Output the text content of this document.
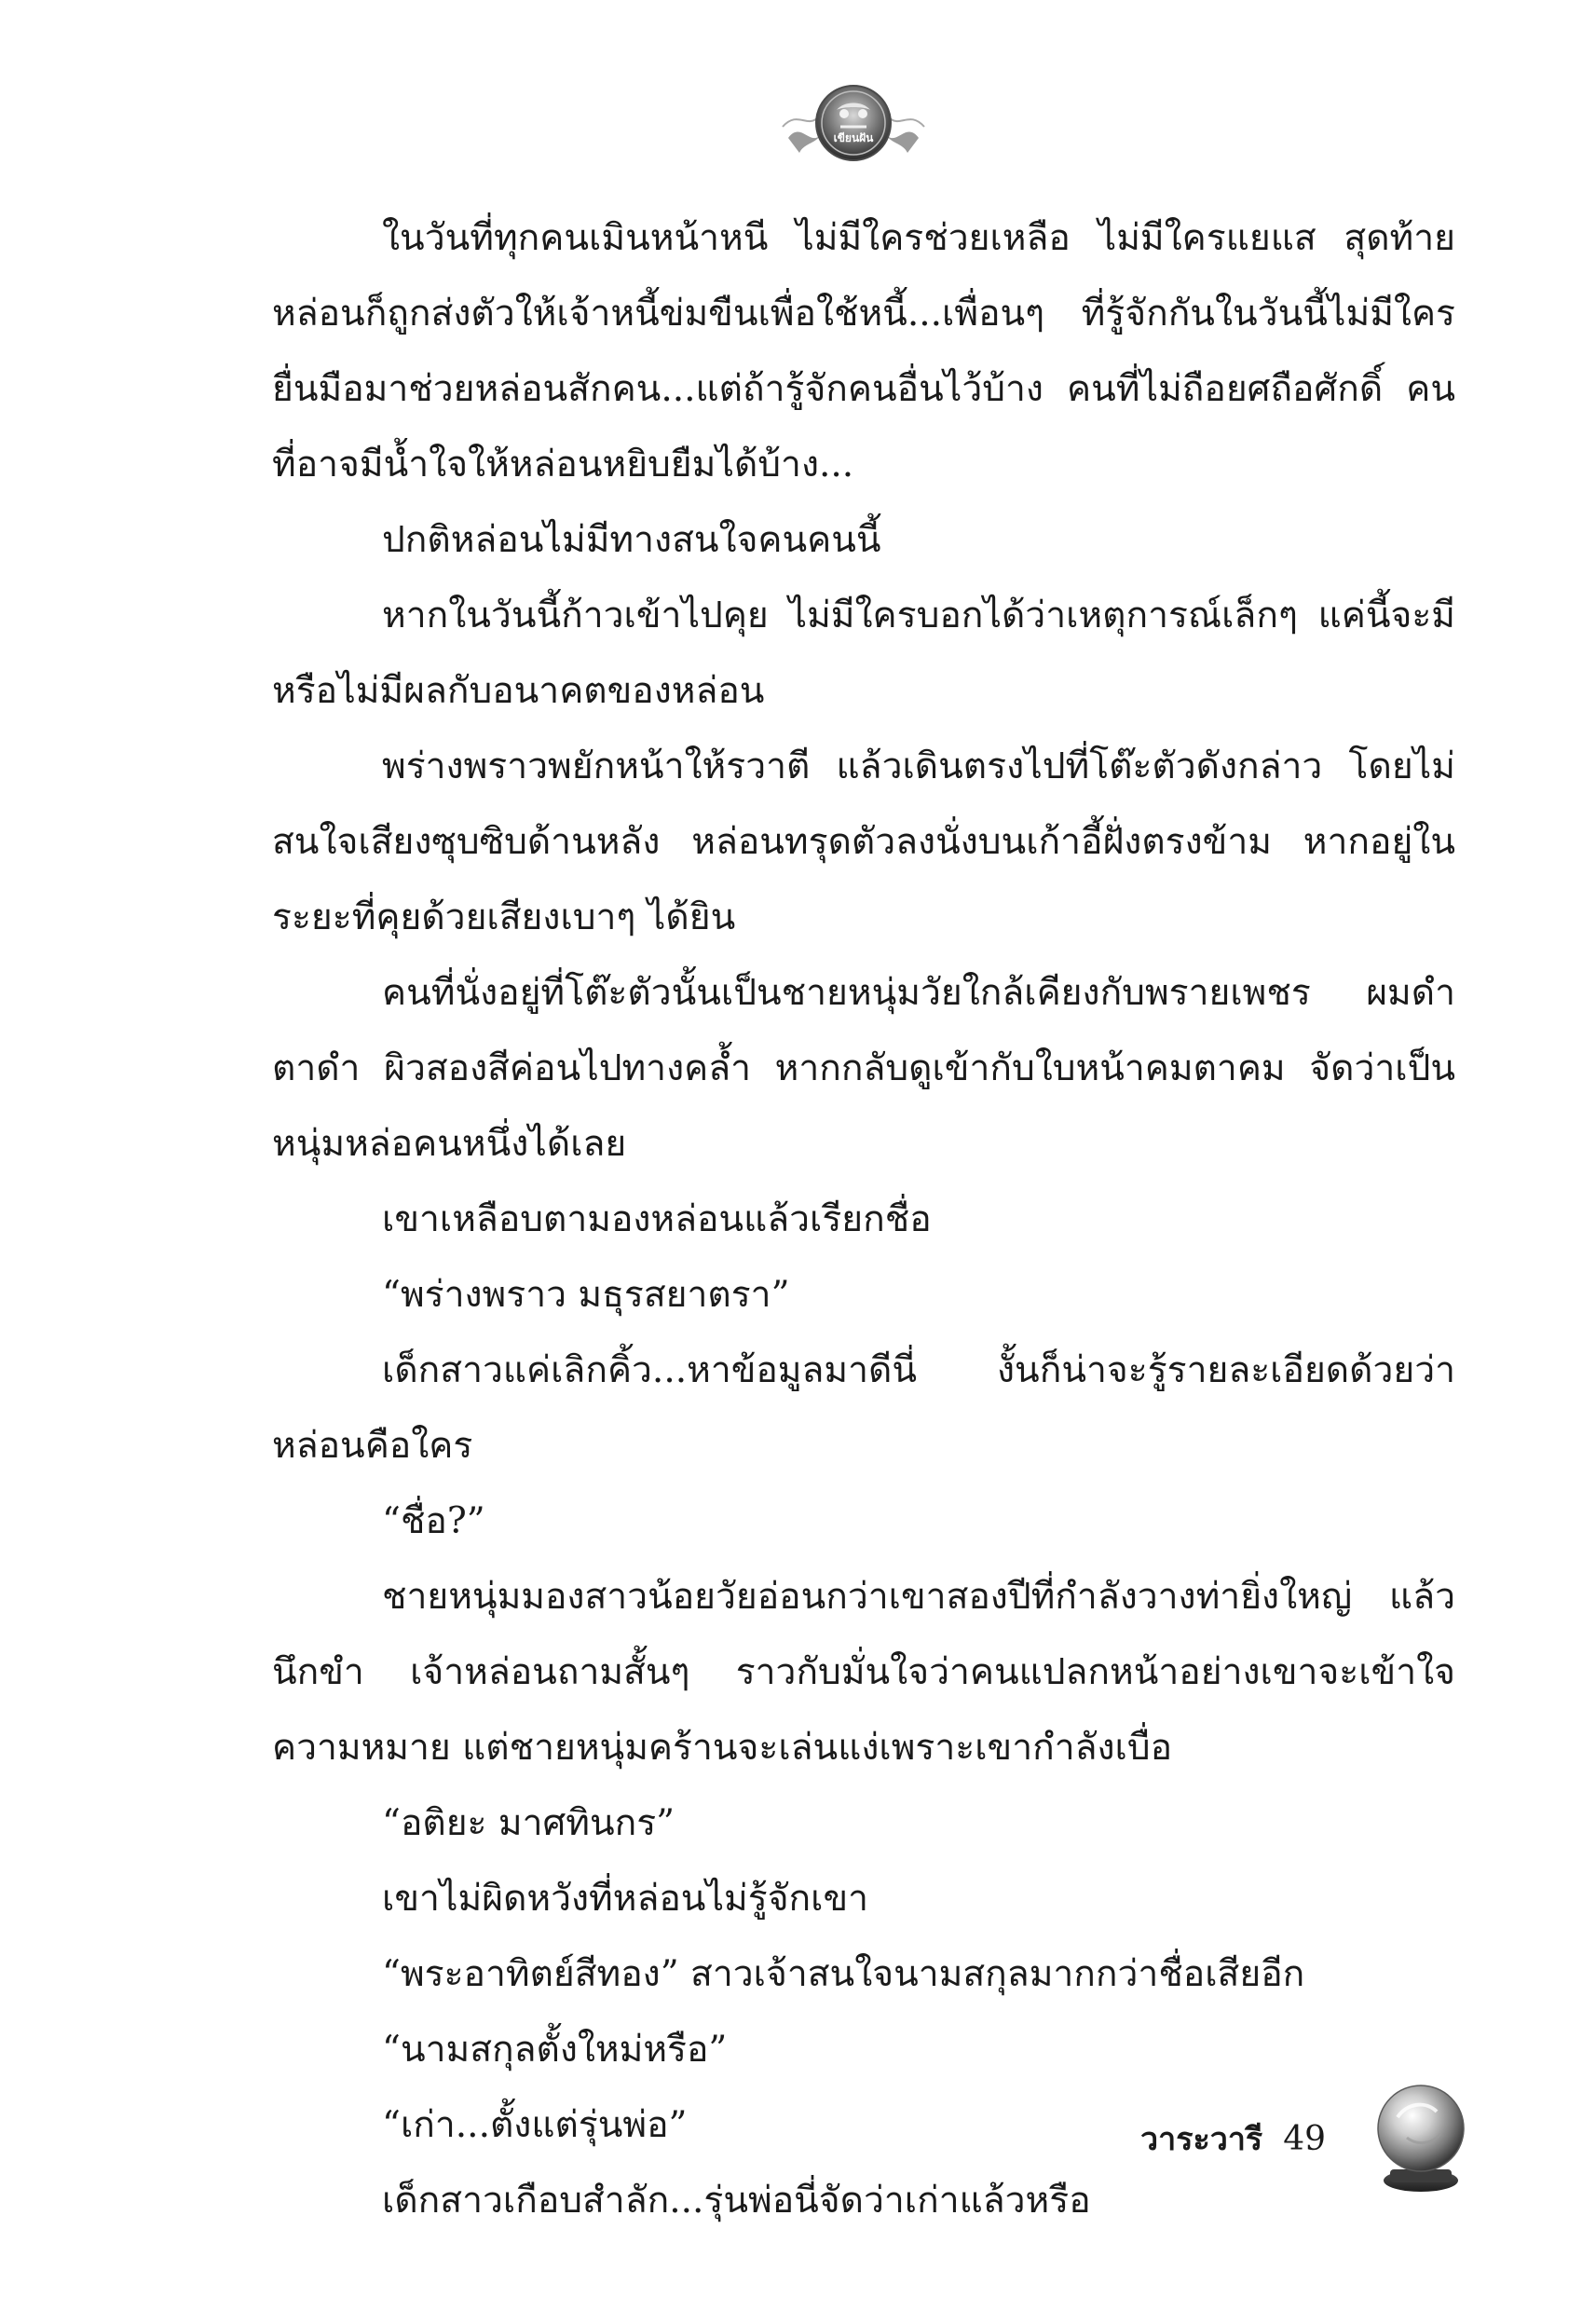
เขียนฝัน

ในวันที่ทุกคนเมินหน้าหนี ไม่มีใครช่วยเหลือ ไม่มีใครแยแส สุดท้ายหล่อนก็ถูกส่งตัวให้เจ้าหนี้ข่มขืนเพื่อใช้หนี้...เพื่อนๆ ที่รู้จักกันในวันนี้ไม่มีใครยื่นมือมาช่วยหล่อนสักคน...แต่ถ้ารู้จักคนอื่นไว้บ้าง คนที่ไม่ถือยศถือศักดิ์ คนที่อาจมีน้ำใจให้หล่อนหยิบยืมได้บ้าง...

ปกติหล่อนไม่มีทางสนใจคนคนนี้

หากในวันนี้ก้าวเข้าไปคุย ไม่มีใครบอกได้ว่าเหตุการณ์เล็กๆ แค่นี้จะมีหรือไม่มีผลกับอนาคตของหล่อน

พร่างพราวพยักหน้าให้รวาตี แล้วเดินตรงไปที่โต๊ะตัวดังกล่าว โดยไม่สนใจเสียงซุบซิบด้านหลัง หล่อนทรุดตัวลงนั่งบนเก้าอี้ฝั่งตรงข้าม หากอยู่ในระยะที่คุยด้วยเสียงเบาๆ ได้ยิน

คนที่นั่งอยู่ที่โต๊ะตัวนั้นเป็นชายหนุ่มวัยใกล้เคียงกับพรายเพชร ผมดำ ตาดำ ผิวสองสีค่อนไปทางคล้ำ หากกลับดูเข้ากับใบหน้าคมตาคม จัดว่าเป็นหนุ่มหล่อคนหนึ่งได้เลย

เขาเหลือบตามองหล่อนแล้วเรียกชื่อ

“พร่างพราว มธุรสยาตรา”

เด็กสาวแค่เลิกคิ้ว...หาข้อมูลมาดีนี่ งั้นก็น่าจะรู้รายละเอียดด้วยว่าหล่อนคือใคร

“ชื่อ?”

ชายหนุ่มมองสาวน้อยวัยอ่อนกว่าเขาสองปีที่กำลังวางท่ายิ่งใหญ่ แล้วนึกขำ เจ้าหล่อนถามสั้นๆ ราวกับมั่นใจว่าคนแปลกหน้าอย่างเขาจะเข้าใจความหมาย แต่ชายหนุ่มคร้านจะเล่นแง่เพราะเขากำลังเบื่อ

“อติยะ มาศทินกร”

เขาไม่ผิดหวังที่หล่อนไม่รู้จักเขา

“พระอาทิตย์สีทอง” สาวเจ้าสนใจนามสกุลมากกว่าชื่อเสียอีก

“นามสกุลตั้งใหม่หรือ”

“เก่า...ตั้งแต่รุ่นพ่อ”

เด็กสาวเกือบสำลัก...รุ่นพ่อนี่จัดว่าเก่าแล้วหรือ

วาระวารี 49
